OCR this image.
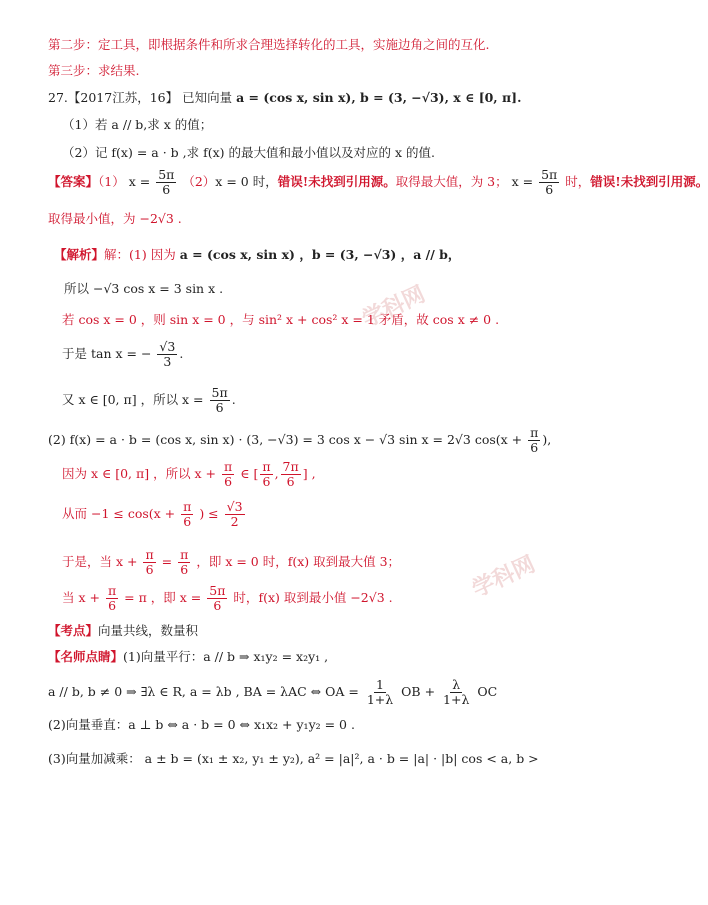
学科网
学科网
第二步：定工具，即根据条件和所求合理选择转化的工具，实施边角之间的互化.
第三步：求结果.
27.【2017江苏，16】 已知向量 a = (cos x, sin x), b = (3, −√3), x ∈ [0, π].
（1）若 a // b,求 x 的值；
（2）记 f(x) = a · b ,求 f(x) 的最大值和最小值以及对应的 x 的值.
【答案】（1） $x = \frac{5\pi}{6} (2)x = 0$ 时，错误!未找到引用源。取得最大值，为 3； $x = \frac{5\pi}{6}$ 时，错误!未找到引用源。
取得最小值，为 −2√3 .
【解析】解：(1) 因为 a = (cos x, sin x) ，b = (3, −√3) ，a // b，
所以 −√3 cos x = 3 sin x .
若 cos x = 0 ，则 sin x = 0 ，与 sin² x + cos² x = 1 矛盾，故 cos x ≠ 0 .
于是 tan x = − $\frac{√3}{3}$ .
又 x ∈ [0, π] ，所以 $x = \frac{5\pi}{6}$ .
(2) f(x) = a · b = (cos x, sin x) · (3, −√3) = 3 cos x − √3 sin x = 2√3 $\cos(x + \frac{\pi}{6}$ ),
因为 x ∈ [0, π] ，所以 $x + \frac{\pi}{6}$ ∈ [ $\frac{\pi}{6}$ , $\frac{7\pi}{6}$ ] ,
从而 $-1 \le \cos(x + \frac{\pi}{6}$ ) ≤ $\frac{√3}{2}$
于是，当 $x + \frac{\pi}{6} = \frac{\pi}{6}$ ，即 x = 0 时，f(x) 取到最大值 3；
当 $x + \frac{\pi}{6} = \pi$ ，即 $x = \frac{5\pi}{6}$ 时，f(x) 取到最小值 −2√3 .
【考点】向量共线，数量积
【名师点睛】(1)向量平行：a // b ⇒ x₁y₂ = x₂y₁ ,
a // b, b ≠ 0 ⇒ ∃λ ∈ R, a = λb , BA = λAC ⇔ OA = $\frac{1}{1+\lambda}$ OB + $\frac{\lambda}{1+\lambda}$ OC
(2)向量垂直：a ⊥ b ⇔ a · b = 0 ⇔ x₁x₂ + y₁y₂ = 0 .
(3)向量加减乘： a ± b = (x₁ ± x₂, y₁ ± y₂), a² = |a|², a · b = |a| · |b| cos < a, b >
